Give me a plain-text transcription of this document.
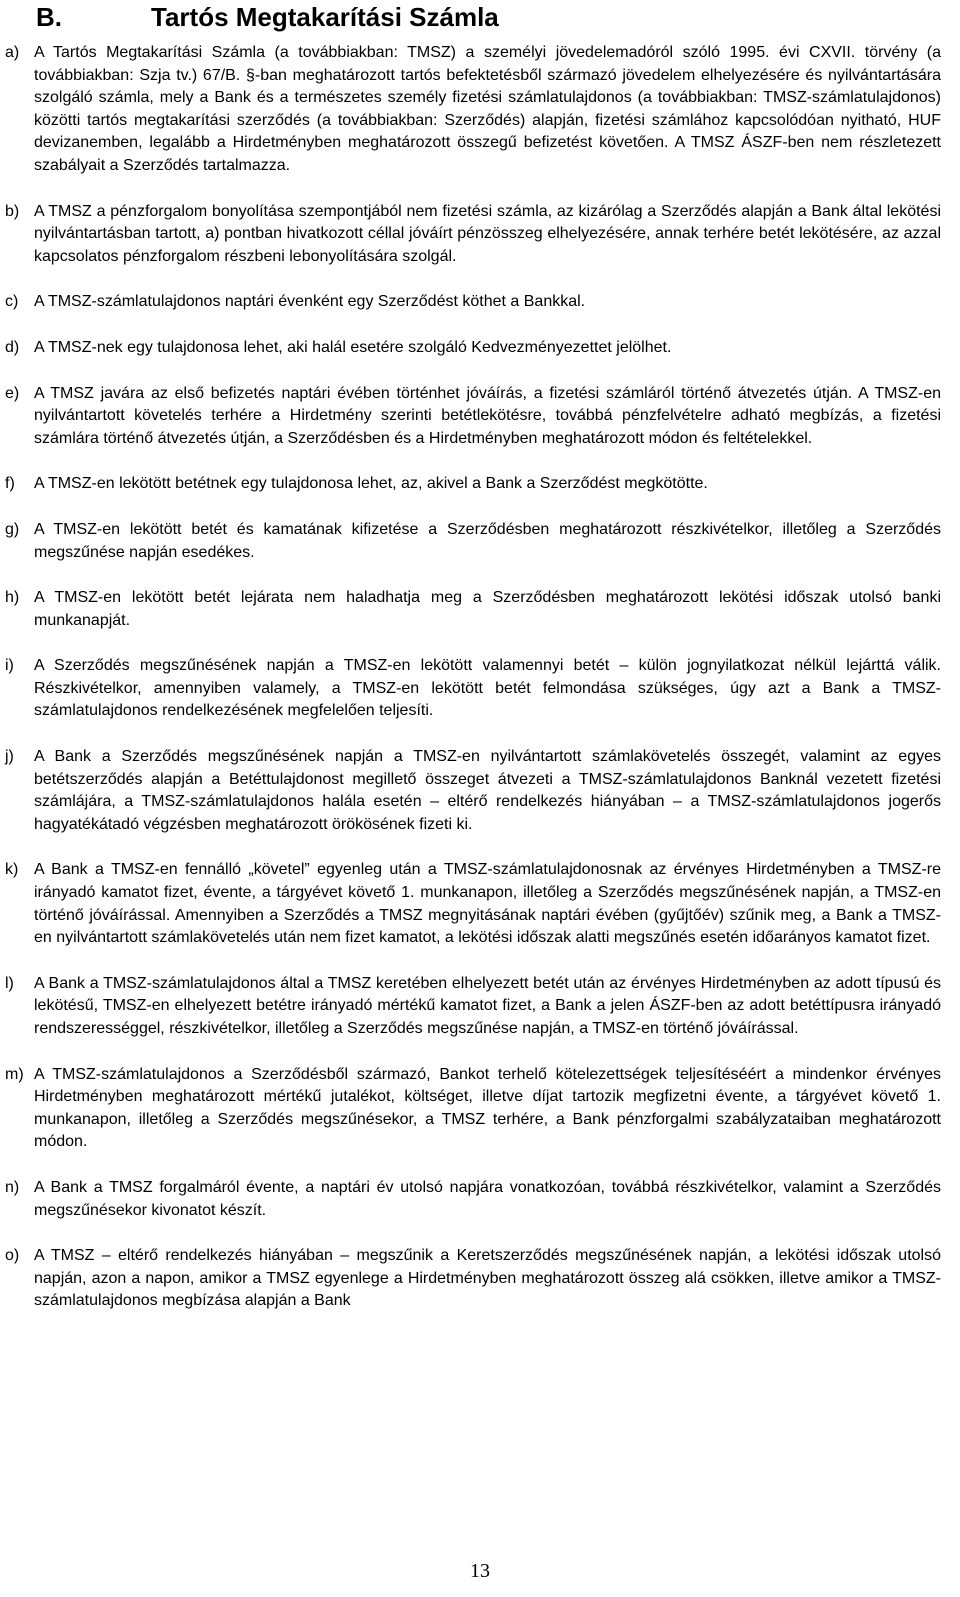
B.	Tartós Megtakarítási Számla
a) A Tartós Megtakarítási Számla (a továbbiakban: TMSZ) a személyi jövedelemadóról szóló 1995. évi CXVII. törvény (a továbbiakban: Szja tv.) 67/B. §-ban meghatározott tartós befektetésből származó jövedelem elhelyezésére és nyilvántartására szolgáló számla, mely a Bank és a természetes személy fizetési számlatulajdonos (a továbbiakban: TMSZ-számlatulajdonos) közötti tartós megtakarítási szerződés (a továbbiakban: Szerződés) alapján, fizetési számlához kapcsolódóan nyitható, HUF devizanemben, legalább a Hirdetményben meghatározott összegű befizetést követően. A TMSZ ÁSZF-ben nem részletezett szabályait a Szerződés tartalmazza.
b) A TMSZ a pénzforgalom bonyolítása szempontjából nem fizetési számla, az kizárólag a Szerződés alapján a Bank által lekötési nyilvántartásban tartott, a) pontban hivatkozott céllal jóváírt pénzösszeg elhelyezésére, annak terhére betét lekötésére, az azzal kapcsolatos pénzforgalom részbeni lebonyolítására szolgál.
c) A TMSZ-számlatulajdonos naptári évenként egy Szerződést köthet a Bankkal.
d) A TMSZ-nek egy tulajdonosa lehet, aki halál esetére szolgáló Kedvezményezettet jelölhet.
e) A TMSZ javára az első befizetés naptári évében történhet jóváírás, a fizetési számláról történő átvezetés útján. A TMSZ-en nyilvántartott követelés terhére a Hirdetmény szerinti betétlekötésre, továbbá pénzfelvételre adható megbízás, a fizetési számlára történő átvezetés útján, a Szerződésben és a Hirdetményben meghatározott módon és feltételekkel.
f) A TMSZ-en lekötött betétnek egy tulajdonosa lehet, az, akivel a Bank a Szerződést megkötötte.
g) A TMSZ-en lekötött betét és kamatának kifizetése a Szerződésben meghatározott részkivételkor, illetőleg a Szerződés megszűnése napján esedékes.
h) A TMSZ-en lekötött betét lejárata nem haladhatja meg a Szerződésben meghatározott lekötési időszak utolsó banki munkanapját.
i) A Szerződés megszűnésének napján a TMSZ-en lekötött valamennyi betét – külön jognyilatkozat nélkül lejárttá válik. Részkivételkor, amennyiben valamely, a TMSZ-en lekötött betét felmondása szükséges, úgy azt a Bank a TMSZ-számlatulajdonos rendelkezésének megfelelően teljesíti.
j) A Bank a Szerződés megszűnésének napján a TMSZ-en nyilvántartott számlakövetelés összegét, valamint az egyes betétszerződés alapján a Betéttulajdonost megillető összeget átvezeti a TMSZ-számlatulajdonos Banknál vezetett fizetési számlájára, a TMSZ-számlatulajdonos halála esetén – eltérő rendelkezés hiányában – a TMSZ-számlatulajdonos jogerős hagyatékátadó végzésben meghatározott örökösének fizeti ki.
k) A Bank a TMSZ-en fennálló „követel” egyenleg után a TMSZ-számlatulajdonosnak az érvényes Hirdetményben a TMSZ-re irányadó kamatot fizet, évente, a tárgyévet követő 1. munkanapon, illetőleg a Szerződés megszűnésének napján, a TMSZ-en történő jóváírással. Amennyiben a Szerződés a TMSZ megnyitásának naptári évében (gyűjtőév) szűnik meg, a Bank a TMSZ-en nyilvántartott számlakövetelés után nem fizet kamatot, a lekötési időszak alatti megszűnés esetén időarányos kamatot fizet.
l) A Bank a TMSZ-számlatulajdonos által a TMSZ keretében elhelyezett betét után az érvényes Hirdetményben az adott típusú és lekötésű, TMSZ-en elhelyezett betétre irányadó mértékű kamatot fizet, a Bank a jelen ÁSZF-ben az adott betéttípusra irányadó rendszerességgel, részkivételkor, illetőleg a Szerződés megszűnése napján, a TMSZ-en történő jóváírással.
m) A TMSZ-számlatulajdonos a Szerződésből származó, Bankot terhelő kötelezettségek teljesítéséért a mindenkor érvényes Hirdetményben meghatározott mértékű jutalékot, költséget, illetve díjat tartozik megfizetni évente, a tárgyévet követő 1. munkanapon, illetőleg a Szerződés megszűnésekor, a TMSZ terhére, a Bank pénzforgalmi szabályzataiban meghatározott módon.
n) A Bank a TMSZ forgalmáról évente, a naptári év utolsó napjára vonatkozóan, továbbá részkivételkor, valamint a Szerződés megszűnésekor kivonatot készít.
o) A TMSZ – eltérő rendelkezés hiányában – megszűnik a Keretszerződés megszűnésének napján, a lekötési időszak utolsó napján, azon a napon, amikor a TMSZ egyenlege a Hirdetményben meghatározott összeg alá csökken, illetve amikor a TMSZ-számlatulajdonos megbízása alapján a Bank
13
